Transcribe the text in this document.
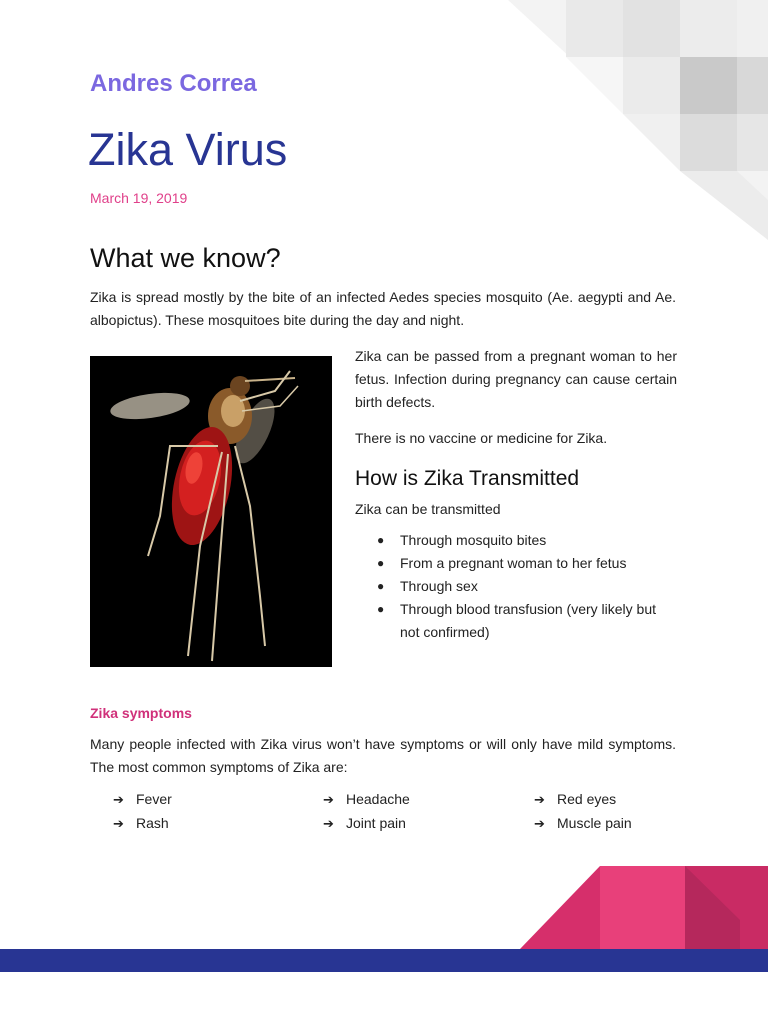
Andres Correa
Zika Virus
March 19, 2019
What we know?

Zika is spread mostly by the bite of an infected Aedes species mosquito (Ae. aegypti and Ae. albopictus). These mosquitoes bite during the day and night.

Zika can be passed from a pregnant woman to her fetus. Infection during pregnancy can cause certain birth defects.

There is no vaccine or medicine for Zika.

How is Zika Transmitted

Zika can be transmitted

● Through mosquito bites
● From a pregnant woman to her fetus
● Through sex
● Through blood transfusion (very likely but not confirmed)
Zika symptoms

Many people infected with Zika virus won’t have symptoms or will only have mild symptoms. The most common symptoms of Zika are:

➔ Fever	➔ Headache	➔ Red eyes
➔ Rash	➔ Joint pain	➔ Muscle pain
